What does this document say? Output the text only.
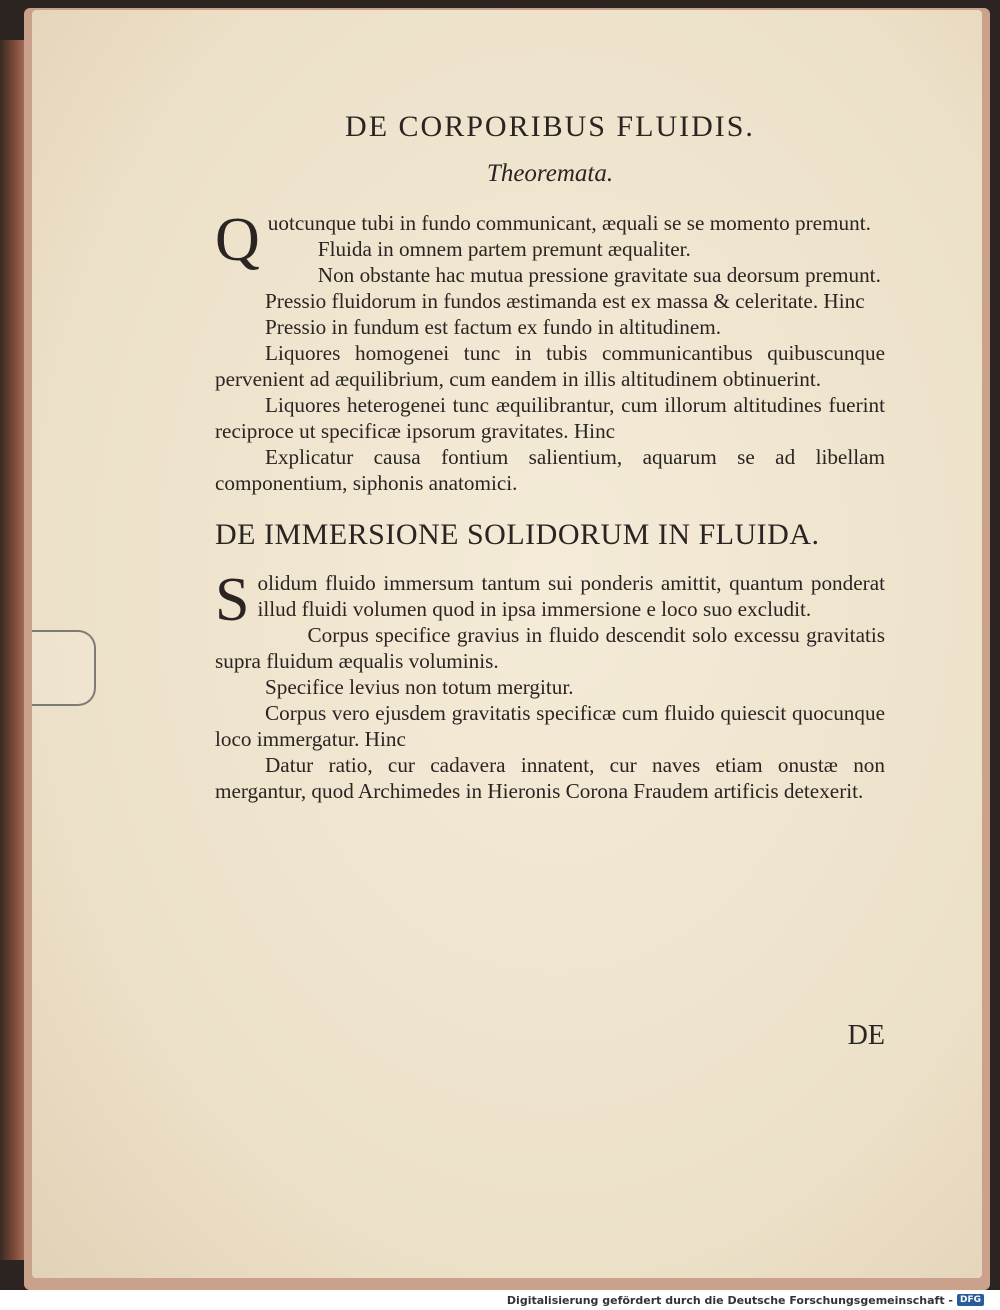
DE CORPORIBUS FLUIDIS.
Theoremata.

Quotcunque tubi in fundo communicant, æquali se se momento premunt.

Fluida in omnem partem premunt æqualiter.

Non obstante hac mutua pressione gravitate sua deorsum premunt.

Pressio fluidorum in fundos æstimanda est ex massa & celeritate. Hinc

Pressio in fundum est factum ex fundo in altitudinem.

Liquores homogenei tunc in tubis communicantibus quibuscunque pervenient ad æquilibrium, cum eandem in illis altitudinem obtinuerint.

Liquores heterogenei tunc æquilibrantur, cum illorum altitudines fuerint reciproce ut specificæ ipsorum gravitates. Hinc

Explicatur causa fontium salientium, aquarum se ad libellam componentium, siphonis anatomici.

DE IMMERSIONE SOLIDORUM IN FLUIDA.

Solidum fluido immersum tantum sui ponderis amittit, quantum ponderat illud fluidi volumen quod in ipsa immersione e loco suo excludit.

Corpus specifice gravius in fluido descendit solo excessu gravitatis supra fluidum æqualis voluminis.

Specifice levius non totum mergitur.

Corpus vero ejusdem gravitatis specificæ cum fluido quiescit quocunque loco immergatur. Hinc

Datur ratio, cur cadavera innatent, cur naves etiam onustæ non mergantur, quod Archimedes in Hieronis Corona Fraudem artificis detexerit.

DE
Digitalisierung gefördert durch die Deutsche Forschungsgemeinschaft - DFG
